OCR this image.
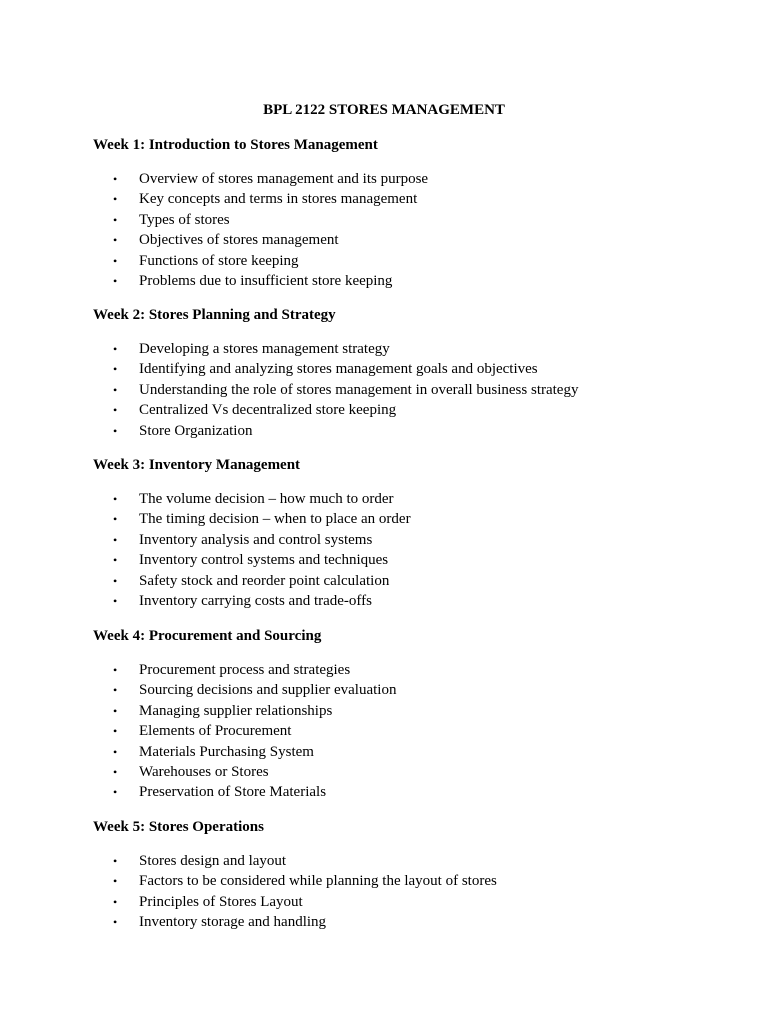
BPL 2122 STORES MANAGEMENT
Week 1: Introduction to Stores Management
• Overview of stores management and its purpose
• Key concepts and terms in stores management
• Types of stores
• Objectives of stores management
• Functions of store keeping
• Problems due to insufficient store keeping
Week 2: Stores Planning and Strategy
• Developing a stores management strategy
• Identifying and analyzing stores management goals and objectives
• Understanding the role of stores management in overall business strategy
• Centralized Vs decentralized store keeping
• Store Organization
Week 3: Inventory Management
• The volume decision – how much to order
• The timing decision – when to place an order
• Inventory analysis and control systems
• Inventory control systems and techniques
• Safety stock and reorder point calculation
• Inventory carrying costs and trade-offs
Week 4: Procurement and Sourcing
• Procurement process and strategies
• Sourcing decisions and supplier evaluation
• Managing supplier relationships
• Elements of Procurement
• Materials Purchasing System
• Warehouses or Stores
• Preservation of Store Materials
Week 5: Stores Operations
• Stores design and layout
• Factors to be considered while planning the layout of stores
• Principles of Stores Layout
• Inventory storage and handling
